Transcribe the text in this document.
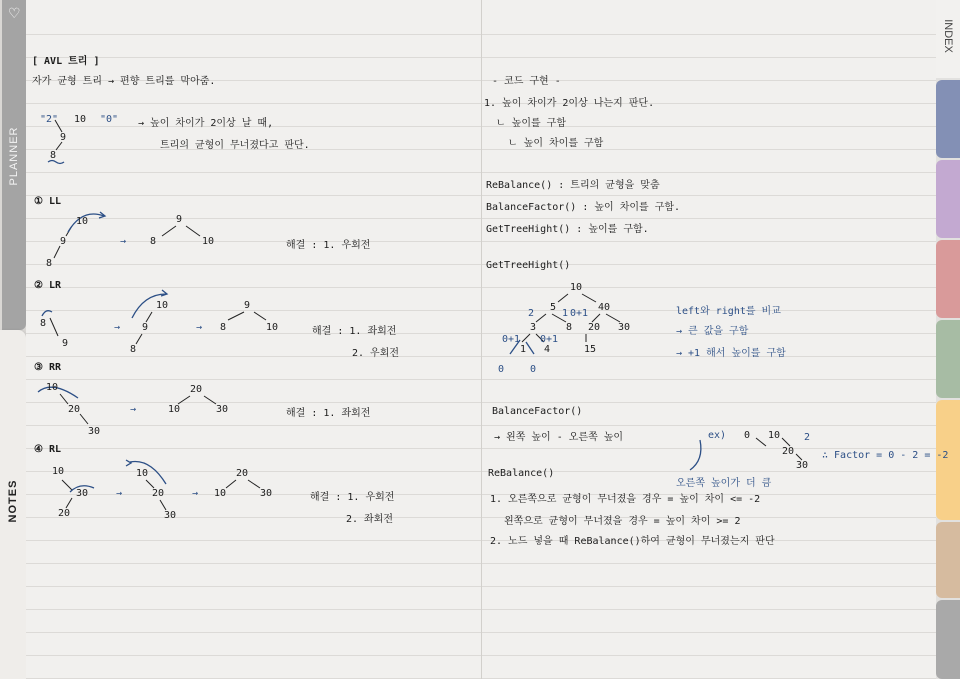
♡
PLANNER
NOTES
INDEX
[ AVL 트리 ]
자가 균형 트리 → 편향 트리를 막아줌.
"2" 10 "0" → 높이 차이가 2이상 날 때,
트리의 균형이 무너졌다고 판단.
9
8
① LL
10
9
8
→
9
8	10	해결 : 1. 우회전
② LR
8
9
→
10
9
8
→
9
8	10	해결 : 1. 좌회전
2. 우회전
③ RR
10
20
30
→
20
10	30	해결 : 1. 좌회전
④ RL
10
30
20
→
10
20
30
→
20
10	30	해결 : 1. 우회전
2. 좌회전
- 코드 구현 -
1. 높이 차이가 2이상 나는지 판단.
ㄴ 높이를 구함
ㄴ 높이 차이를 구함
ReBalance() : 트리의 균형을 맞춤
BalanceFactor() : 높이 차이를 구함.
GetTreeHight() : 높이를 구함.
GetTreeHight()
10
5	40
3	8 20 30
1 4	15
2	1 0+1
0+1 0+1
0	0
left와 right를 비교
→ 큰 값을 구함
→ +1 해서 높이를 구함
BalanceFactor()
→ 왼쪽 높이 - 오른쪽 높이	ex) 0 10 2
20
30
∴ Factor = 0 - 2 = -2
오른쪽 높이가 더 큼
ReBalance()
1. 오른쪽으로 균형이 무너졌을 경우 = 높이 차이 <= -2
왼쪽으로 균형이 무너졌을 경우 = 높이 차이 >= 2
2. 노드 넣을 때 ReBalance()하여 균형이 무너졌는지 판단
